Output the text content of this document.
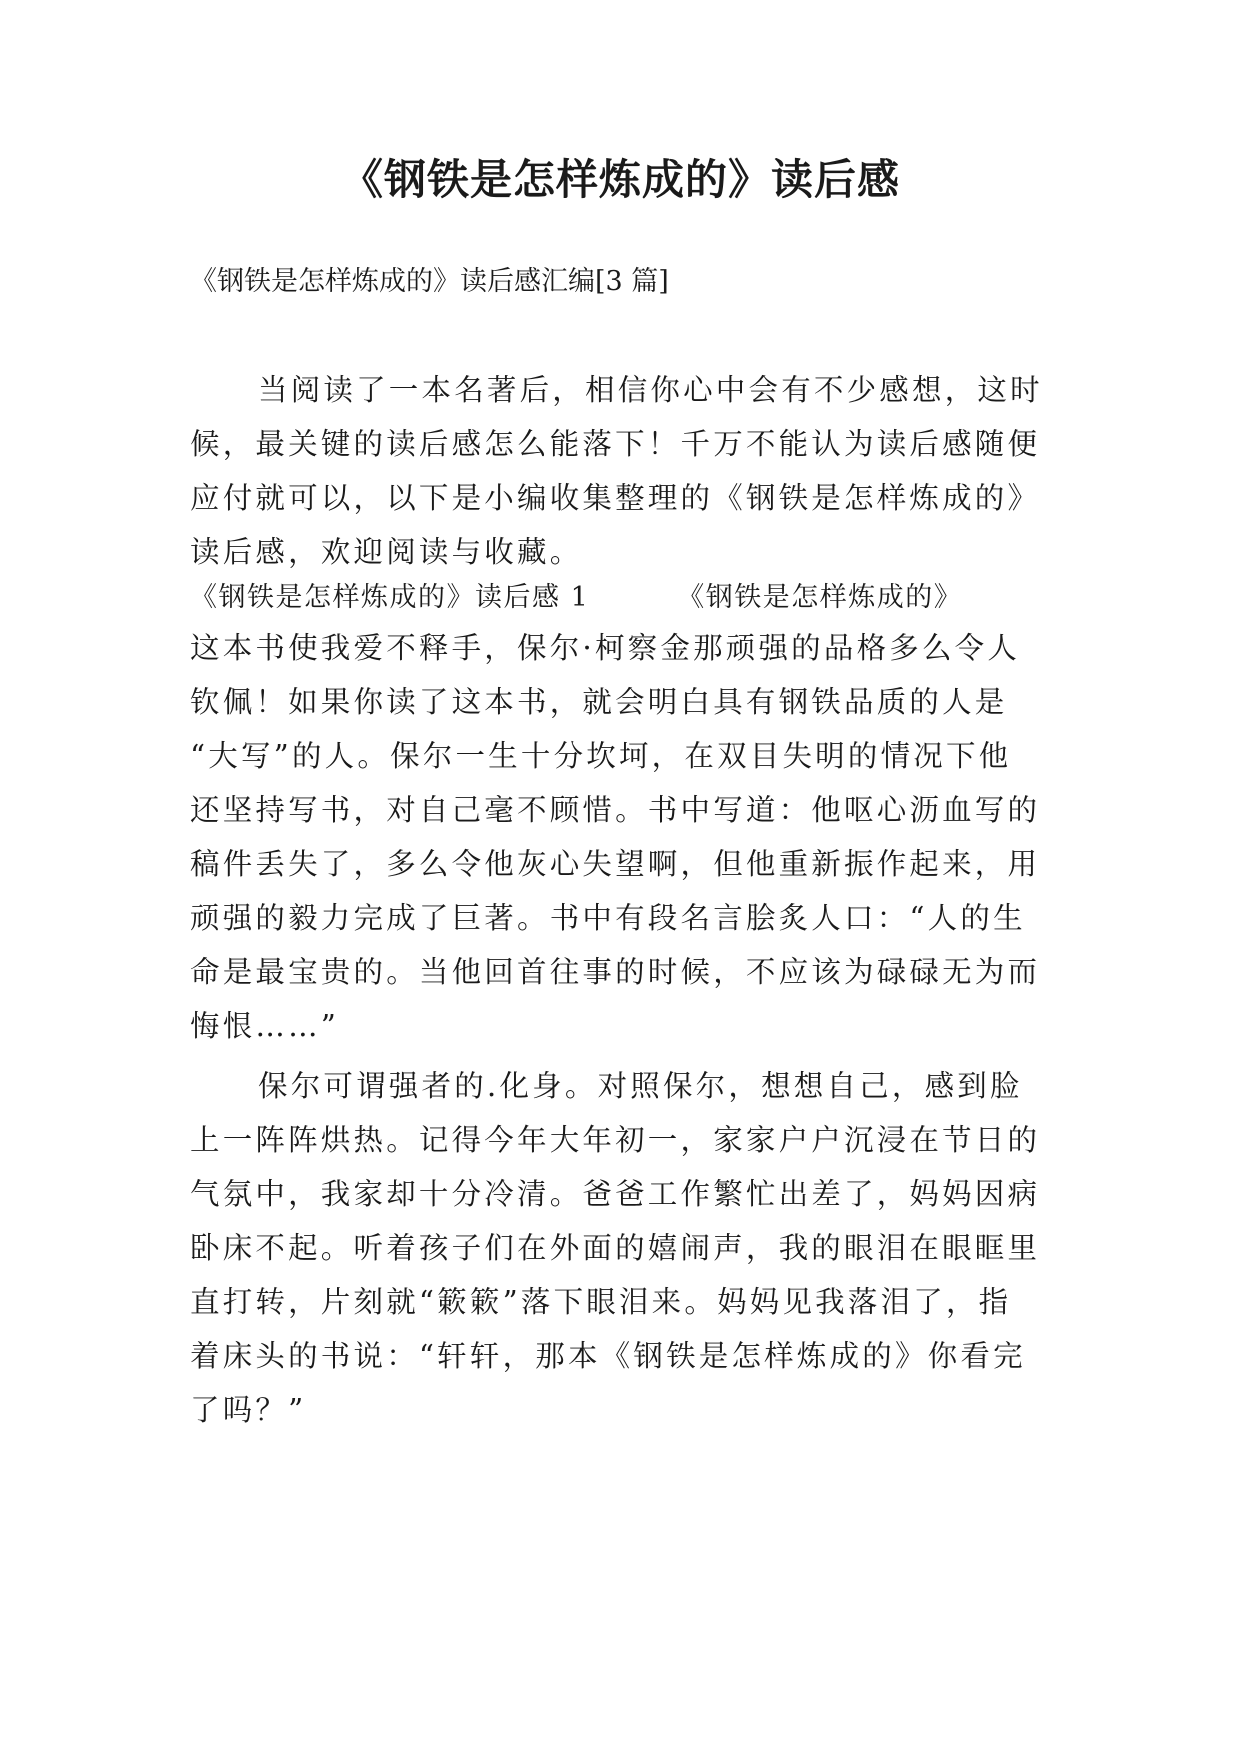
《钢铁是怎样炼成的》读后感
《钢铁是怎样炼成的》读后感汇编[3 篇]
当阅读了一本名著后，相信你心中会有不少感想，这时
候，最关键的读后感怎么能落下！千万不能认为读后感随便
应付就可以，以下是小编收集整理的《钢铁是怎样炼成的》
读后感，欢迎阅读与收藏。
《钢铁是怎样炼成的》读后感 1	《钢铁是怎样炼成的》
这本书使我爱不释手，保尔·柯察金那顽强的品格多么令人
钦佩！如果你读了这本书，就会明白具有钢铁品质的人是
“大写”的人。保尔一生十分坎坷，在双目失明的情况下他
还坚持写书，对自己毫不顾惜。书中写道：他呕心沥血写的
稿件丢失了，多么令他灰心失望啊，但他重新振作起来，用
顽强的毅力完成了巨著。书中有段名言脍炙人口：“人的生
命是最宝贵的。当他回首往事的时候，不应该为碌碌无为而
悔恨……”
保尔可谓强者的.化身。对照保尔，想想自己，感到脸
上一阵阵烘热。记得今年大年初一，家家户户沉浸在节日的
气氛中，我家却十分冷清。爸爸工作繁忙出差了，妈妈因病
卧床不起。听着孩子们在外面的嬉闹声，我的眼泪在眼眶里
直打转，片刻就“簌簌”落下眼泪来。妈妈见我落泪了，指
着床头的书说：“轩轩，那本《钢铁是怎样炼成的》你看完
了吗？”
